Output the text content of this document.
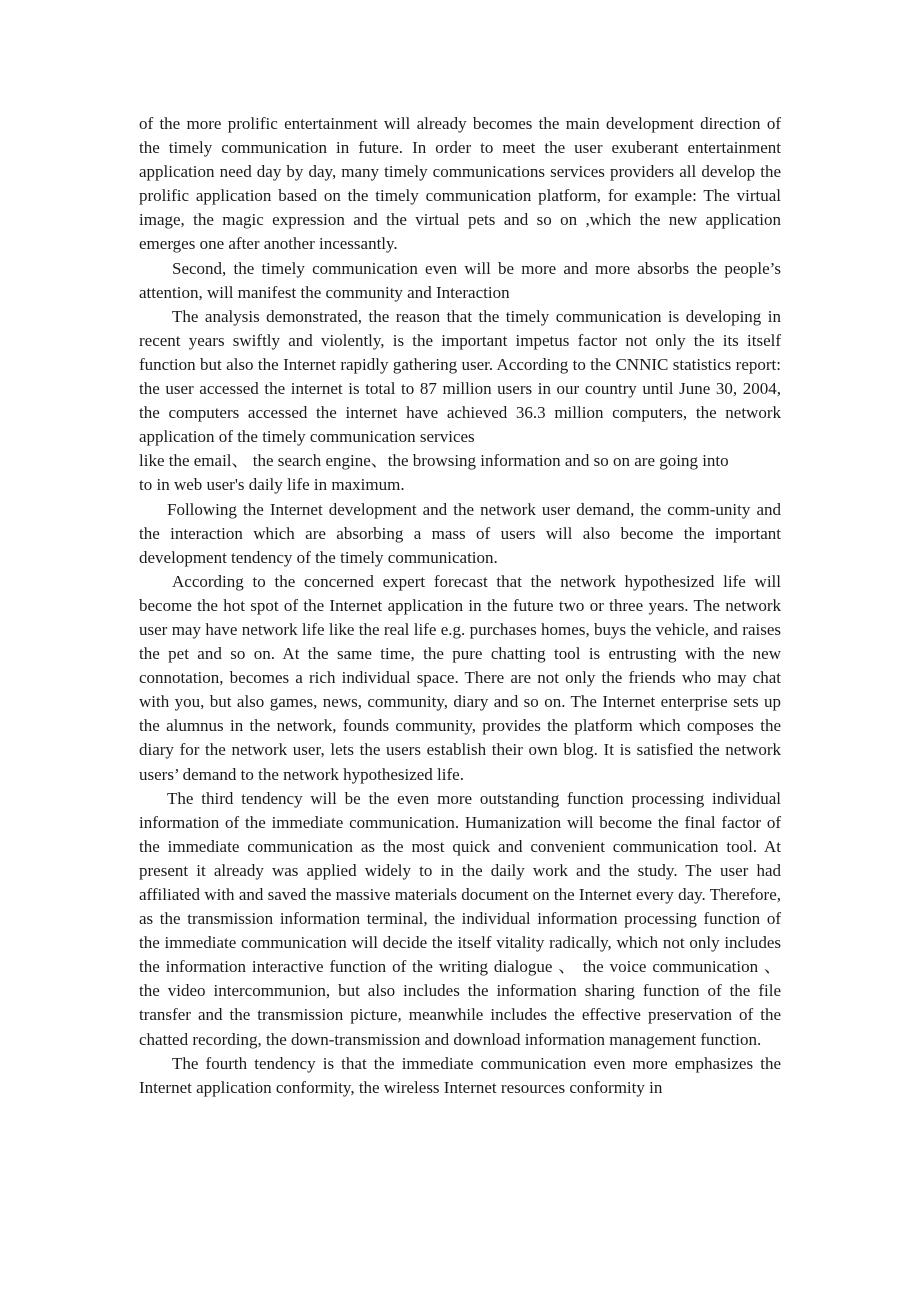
of the more prolific entertainment will already becomes the main development direction of the timely communication in future. In order to meet the user exuberant entertainment application need day by day, many timely communications services providers all develop the prolific application based on the timely communication platform, for example: The virtual image, the magic expression and the virtual pets and so on ,which the new application emerges one after another incessantly.

Second, the timely communication even will be more and more absorbs the people’s attention, will manifest the community and Interaction

The analysis demonstrated, the reason that the timely communication is developing in recent years swiftly and violently, is the important impetus factor not only the its itself function but also the Internet rapidly gathering user. According to the CNNIC statistics report: the user accessed the internet is total to 87 million users in our country until June 30, 2004, the computers accessed the internet have achieved 36.3 million computers, the network application of the timely communication services

like the email、 the search engine、the browsing information and so on are going into

to in web user's daily life in maximum.

Following the Internet development and the network user demand, the comm-unity and the interaction which are absorbing a mass of users will also become the important development tendency of the timely communication.

According to the concerned expert forecast that the network hypothesized life will become the hot spot of the Internet application in the future two or three years. The network user may have network life like the real life e.g. purchases homes, buys the vehicle, and raises the pet and so on. At the same time, the pure chatting tool is entrusting with the new connotation, becomes a rich individual space. There are not only the friends who may chat with you, but also games, news, community, diary and so on. The Internet enterprise sets up the alumnus in the network, founds community, provides the platform which composes the diary for the network user, lets the users establish their own blog. It is satisfied the network users’ demand to the network hypothesized life.

The third tendency will be the even more outstanding function processing individual information of the immediate communication. Humanization will become the final factor of the immediate communication as the most quick and convenient communication tool. At present it already was applied widely to in the daily work and the study. The user had affiliated with and saved the massive materials document on the Internet every day. Therefore, as the transmission information terminal, the individual information processing function of the immediate communication will decide the itself vitality radically, which not only includes the information interactive function of the writing dialogue 、 the voice communication 、 the video intercommunion, but also includes the information sharing function of the file transfer and the transmission picture, meanwhile includes the effective preservation of the chatted recording, the down-transmission and download information management function.

The fourth tendency is that the immediate communication even more emphasizes the Internet application conformity, the wireless Internet resources conformity in
